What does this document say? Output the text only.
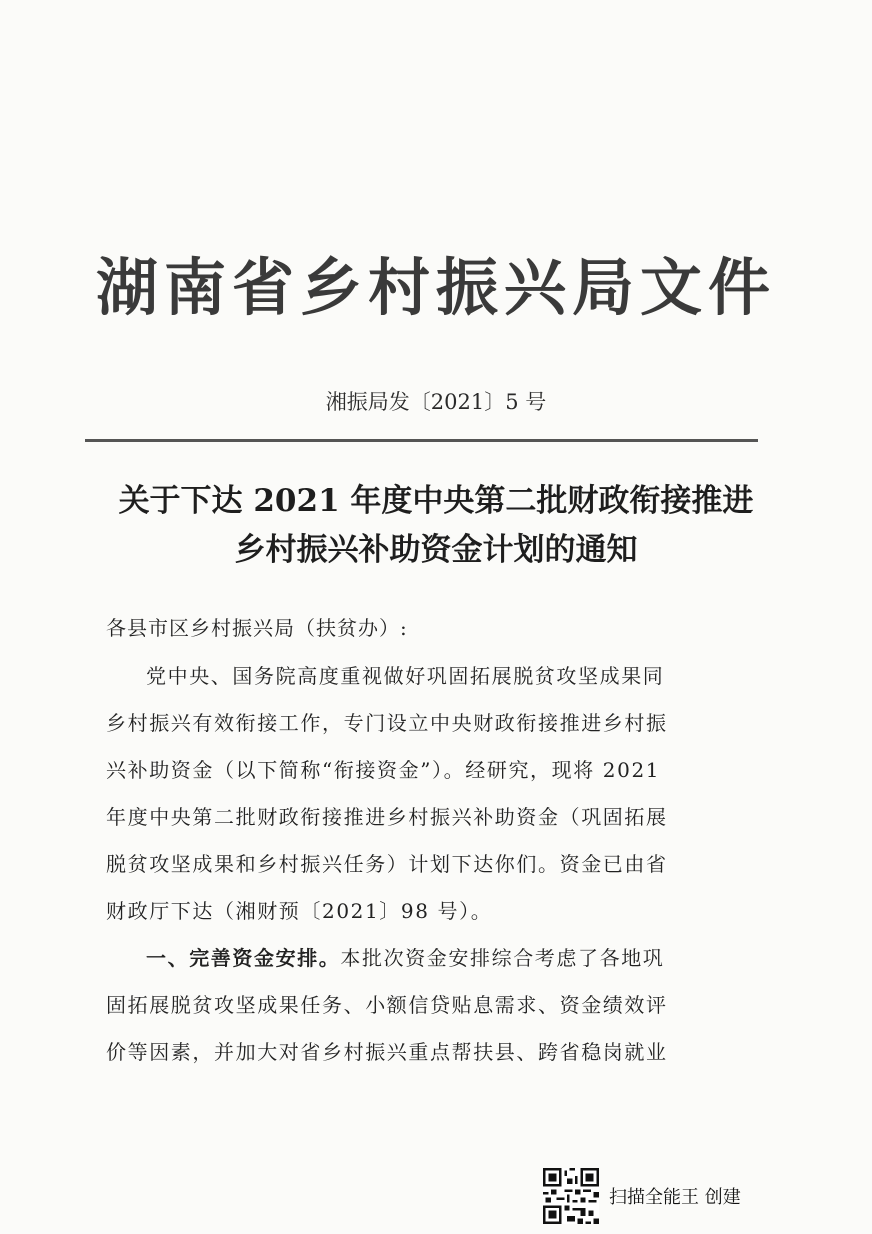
湖南省乡村振兴局文件
湘振局发〔2021〕5 号
关于下达 2021 年度中央第二批财政衔接推进
乡村振兴补助资金计划的通知
各县市区乡村振兴局（扶贫办）:
党中央、国务院高度重视做好巩固拓展脱贫攻坚成果同
乡村振兴有效衔接工作，专门设立中央财政衔接推进乡村振
兴补助资金（以下简称“衔接资金”）。经研究，现将 2021
年度中央第二批财政衔接推进乡村振兴补助资金（巩固拓展
脱贫攻坚成果和乡村振兴任务）计划下达你们。资金已由省
财政厅下达（湘财预〔2021〕98 号）。
一、完善资金安排。本批次资金安排综合考虑了各地巩
固拓展脱贫攻坚成果任务、小额信贷贴息需求、资金绩效评
价等因素，并加大对省乡村振兴重点帮扶县、跨省稳岗就业
扫描全能王 创建
